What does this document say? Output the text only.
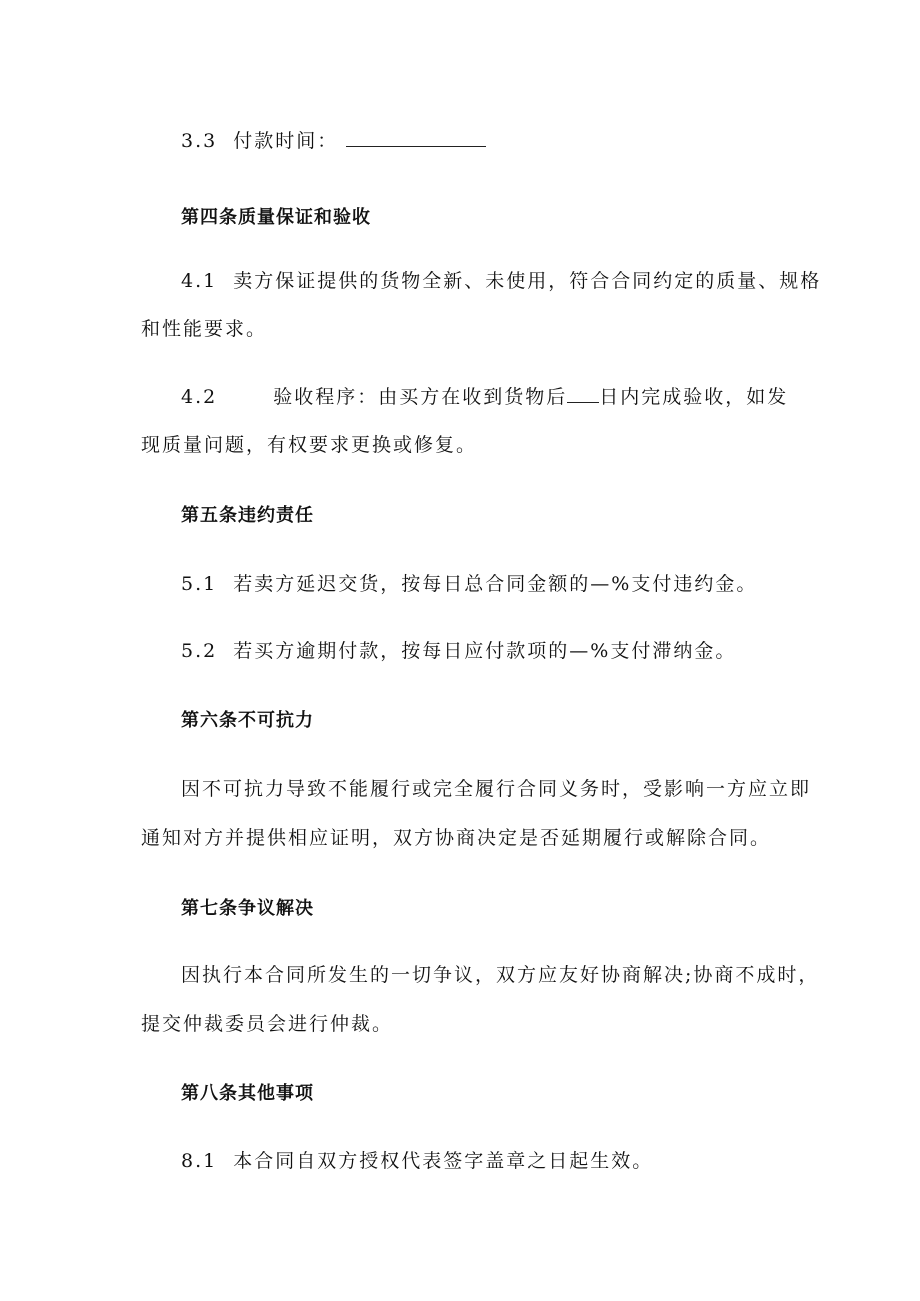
3.3 付款时间：
第四条质量保证和验收
4.1 卖方保证提供的货物全新、未使用，符合合同约定的质量、规格
和性能要求。
4.2	验收程序：由买方在收到货物后 日内完成验收，如发
现质量问题，有权要求更换或修复。
第五条违约责任
5.1 若卖方延迟交货，按每日总合同金额的—%支付违约金。
5.2 若买方逾期付款，按每日应付款项的—%支付滞纳金。
第六条不可抗力
因不可抗力导致不能履行或完全履行合同义务时，受影响一方应立即
通知对方并提供相应证明，双方协商决定是否延期履行或解除合同。
第七条争议解决
因执行本合同所发生的一切争议，双方应友好协商解决;协商不成时，
提交仲裁委员会进行仲裁。
第八条其他事项
8.1 本合同自双方授权代表签字盖章之日起生效。
